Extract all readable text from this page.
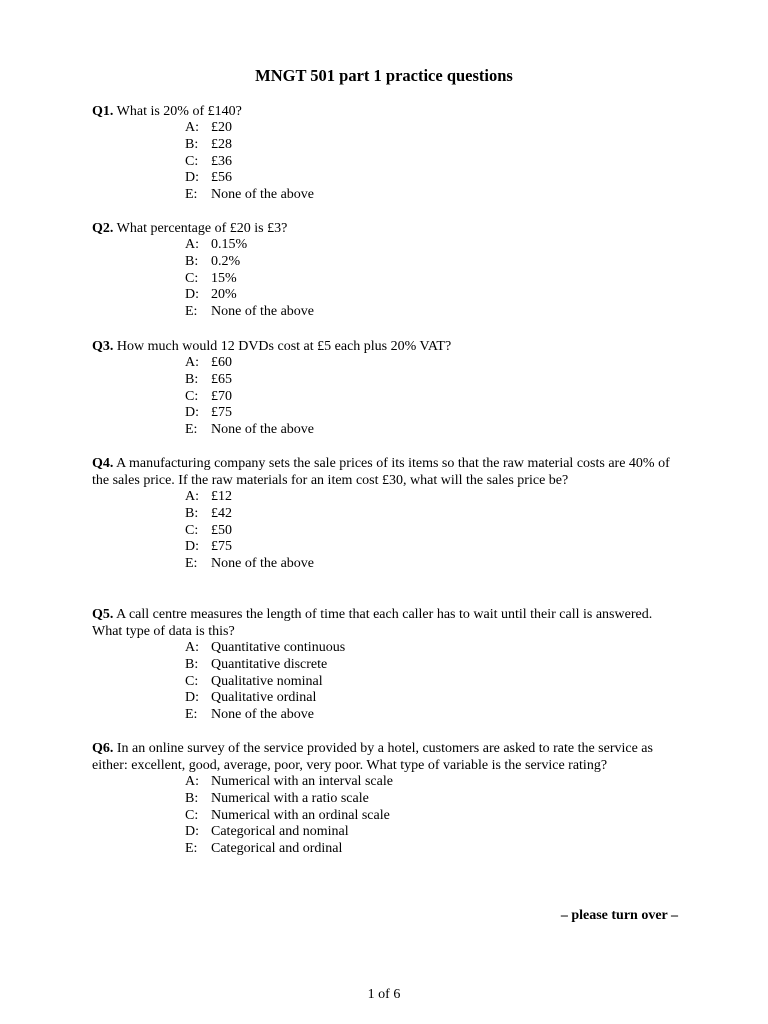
MNGT 501 part 1 practice questions

Q1. What is 20% of £140?

A: £20
B: £28
C: £36
D: £56
E: None of the above

Q2. What percentage of £20 is £3?

A: 0.15%
B: 0.2%
C: 15%
D: 20%
E: None of the above

Q3. How much would 12 DVDs cost at £5 each plus 20% VAT?

A: £60
B: £65
C: £70
D: £75
E: None of the above

Q4. A manufacturing company sets the sale prices of its items so that the raw material costs are 40% of the sales price. If the raw materials for an item cost £30, what will the sales price be?

A: £12
B: £42
C: £50
D: £75
E: None of the above

Q5. A call centre measures the length of time that each caller has to wait until their call is answered. What type of data is this?

A: Quantitative continuous
B: Quantitative discrete
C: Qualitative nominal
D: Qualitative ordinal
E: None of the above

Q6. In an online survey of the service provided by a hotel, customers are asked to rate the service as either: excellent, good, average, poor, very poor. What type of variable is the service rating?

A: Numerical with an interval scale
B: Numerical with a ratio scale
C: Numerical with an ordinal scale
D: Categorical and nominal
E: Categorical and ordinal
– please turn over –
1 of 6
